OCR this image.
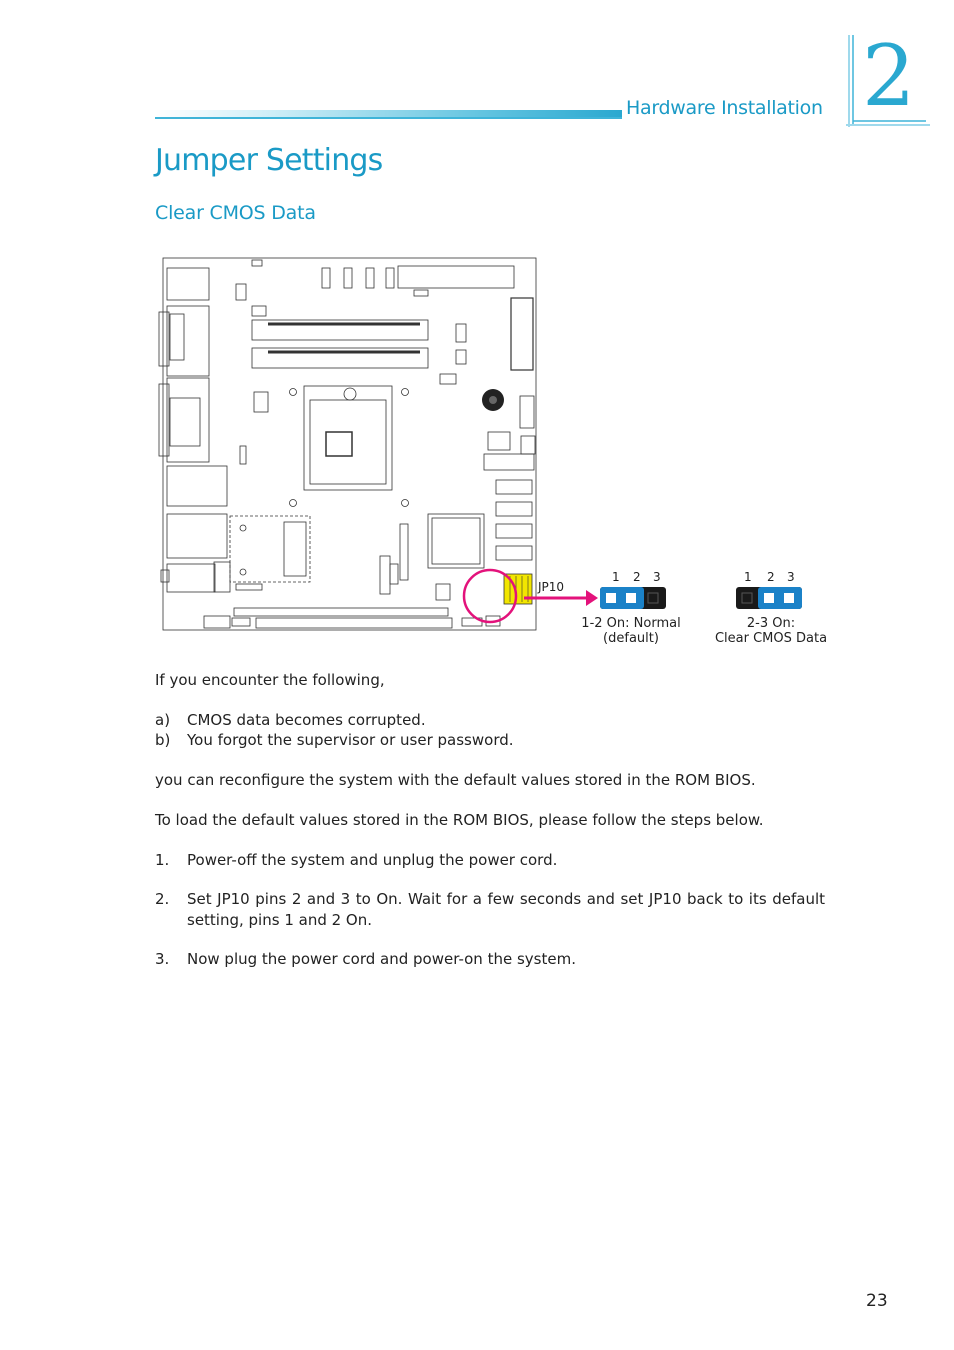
Hardware Installation 2
Jumper Settings
Clear CMOS Data
JP10
1 2 3
1-2 On: Normal
(default)
1 2 3
2-3 On:
Clear CMOS Data
If you encounter the following,
a) CMOS data becomes corrupted.
b) You forgot the supervisor or user password.
you can reconfigure the system with the default values stored in the ROM BIOS.
To load the default values stored in the ROM BIOS, please follow the steps below.
1. Power-off the system and unplug the power cord.
2.	Set JP10 pins 2 and 3 to On. Wait for a few seconds and set JP10 back to its default setting, pins 1 and 2 On.
3. Now plug the power cord and power-on the system.
23
